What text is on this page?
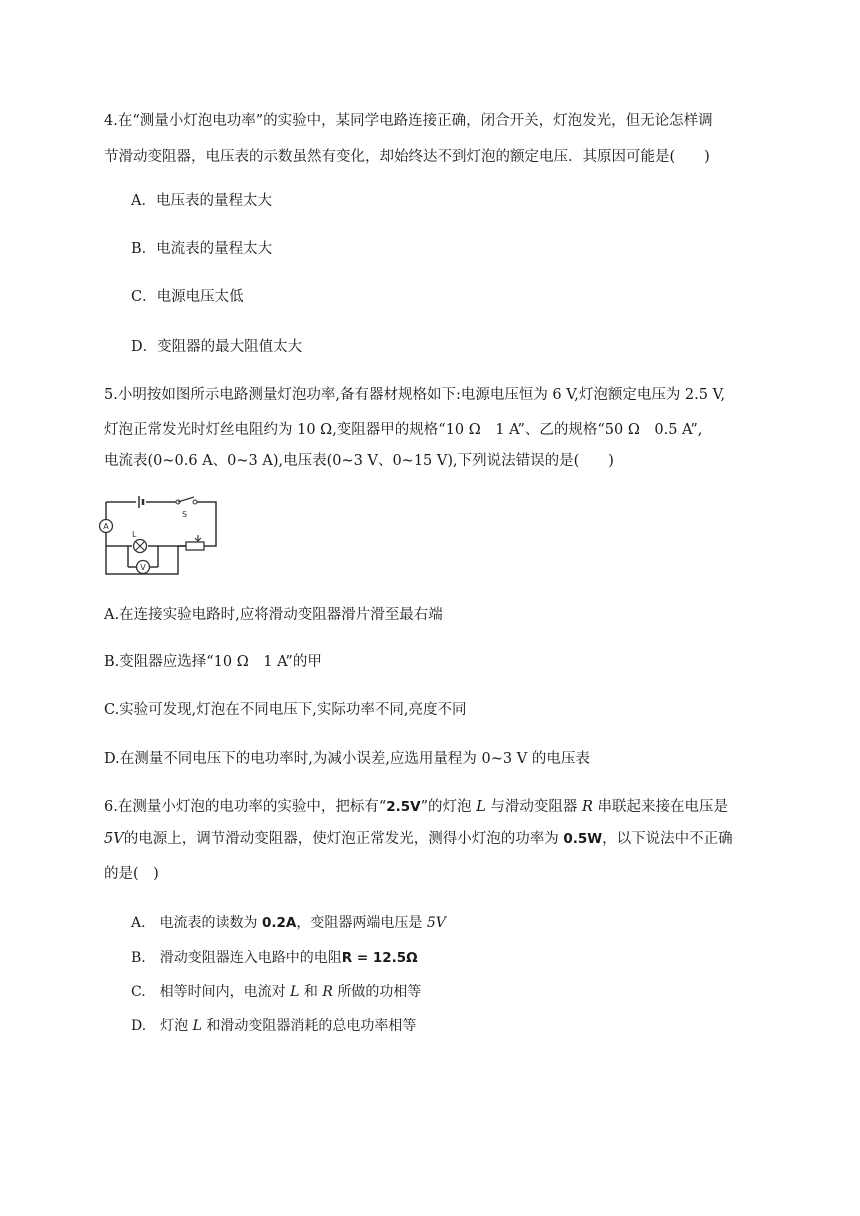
4.在“测量小灯泡电功率”的实验中，某同学电路连接正确，闭合开关，灯泡发光，但无论怎样调
节滑动变阻器，电压表的示数虽然有变化，却始终达不到灯泡的额定电压．其原因可能是(　　)
A．电压表的量程太大
B．电流表的量程太大
C．电源电压太低
D．变阻器的最大阻值太大
5.小明按如图所示电路测量灯泡功率,备有器材规格如下:电源电压恒为 6 V,灯泡额定电压为 2.5 V,
灯泡正常发光时灯丝电阻约为 10 Ω,变阻器甲的规格“10 Ω　1 A”、乙的规格“50 Ω　0.5 A”,
电流表(0~0.6 A、0~3 A),电压表(0~3 V、0~15 V),下列说法错误的是(　　)
S
A
L
V
A.在连接实验电路时,应将滑动变阻器滑片滑至最右端
B.变阻器应选择“10 Ω　1 A”的甲
C.实验可发现,灯泡在不同电压下,实际功率不同,亮度不同
D.在测量不同电压下的电功率时,为减小误差,应选用量程为 0~3 V 的电压表
6.在测量小灯泡的电功率的实验中，把标有“2.5V”的灯泡 L 与滑动变阻器 R 串联起来接在电压是
5V的电源上，调节滑动变阻器，使灯泡正常发光，测得小灯泡的功率为 0.5W，以下说法中不正确
的是(　)
A.　电流表的读数为 0.2A，变阻器两端电压是 5V
B.　滑动变阻器连入电路中的电阻R = 12.5Ω
C.　相等时间内，电流对 L 和 R 所做的功相等
D.　灯泡 L 和滑动变阻器消耗的总电功率相等
